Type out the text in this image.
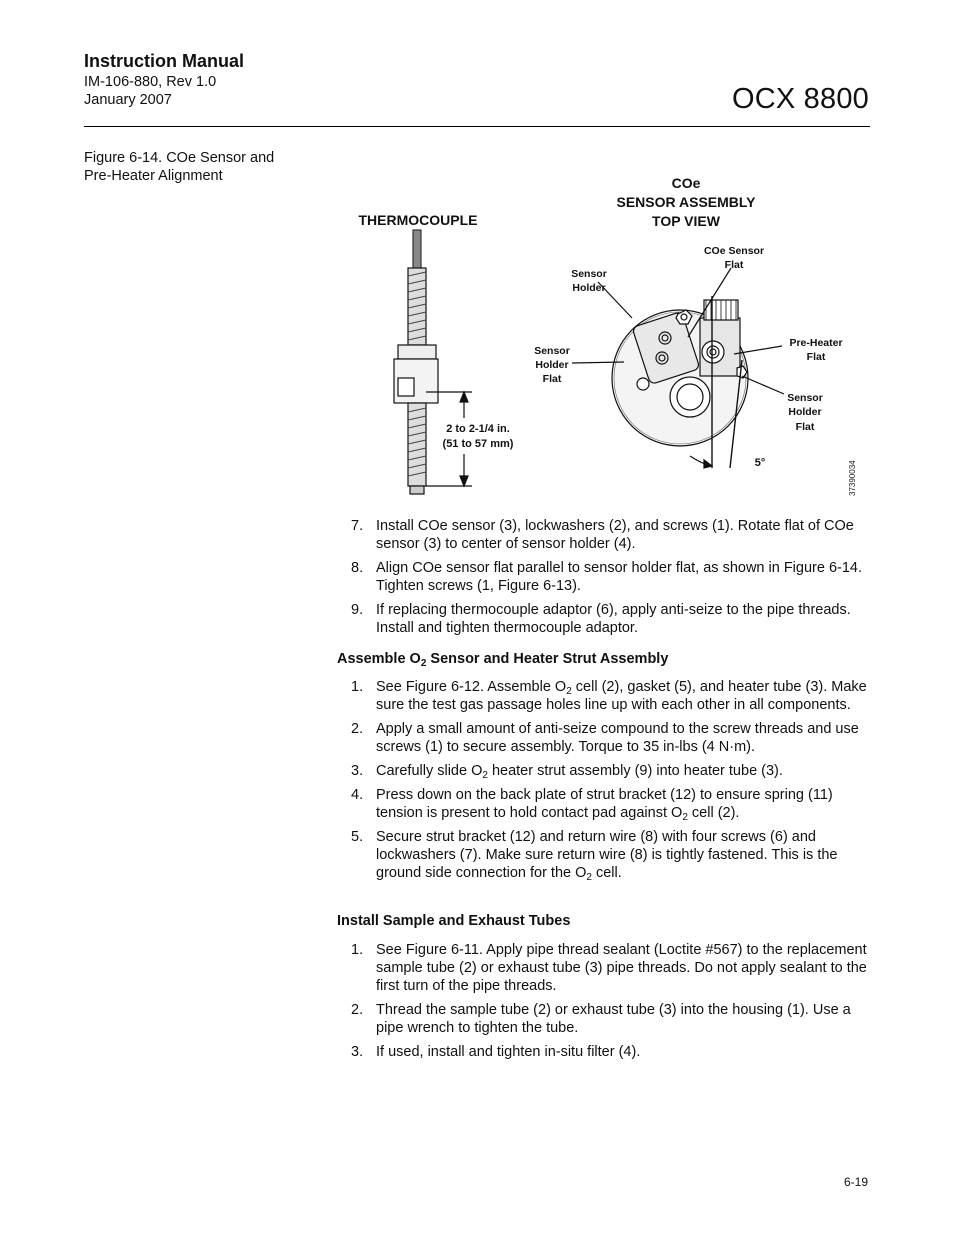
Instruction Manual
IM-106-880, Rev 1.0
January 2007	OCX 8800
Figure 6-14. COe Sensor and
Pre-Heater Alignment
THERMOCOUPLE
COe
SENSOR ASSEMBLY
TOP VIEW
COe Sensor
Flat
Sensor
Holder
Sensor
Holder
Flat
Pre-Heater
Flat
Sensor
Holder
Flat
2 to 2-1/4 in.
(51 to 57 mm)
5°	37390034
7. Install COe sensor (3), lockwashers (2), and screws (1). Rotate flat of COe sensor (3) to center of sensor holder (4).
8. Align COe sensor flat parallel to sensor holder flat, as shown in Figure 6-14. Tighten screws (1, Figure 6-13).
9. If replacing thermocouple adaptor (6), apply anti-seize to the pipe threads. Install and tighten thermocouple adaptor.
Assemble $O_2$ Sensor and Heater Strut Assembly
1. See Figure 6-12. Assemble $O_2$ cell (2), gasket (5), and heater tube (3). Make sure the test gas passage holes line up with each other in all components.
2. Apply a small amount of anti-seize compound to the screw threads and use screws (1) to secure assembly. Torque to 35 in-lbs (4 N·m).
3. Carefully slide $O_2$ heater strut assembly (9) into heater tube (3).
4. Press down on the back plate of strut bracket (12) to ensure spring (11) tension is present to hold contact pad against $O_2$ cell (2).
5. Secure strut bracket (12) and return wire (8) with four screws (6) and lockwashers (7). Make sure return wire (8) is tightly fastened. This is the ground side connection for the $O_2$ cell.
Install Sample and Exhaust Tubes
1. See Figure 6-11. Apply pipe thread sealant (Loctite #567) to the replacement sample tube (2) or exhaust tube (3) pipe threads. Do not apply sealant to the first turn of the pipe threads.
2. Thread the sample tube (2) or exhaust tube (3) into the housing (1). Use a pipe wrench to tighten the tube.
3. If used, install and tighten in-situ filter (4).
6-19
